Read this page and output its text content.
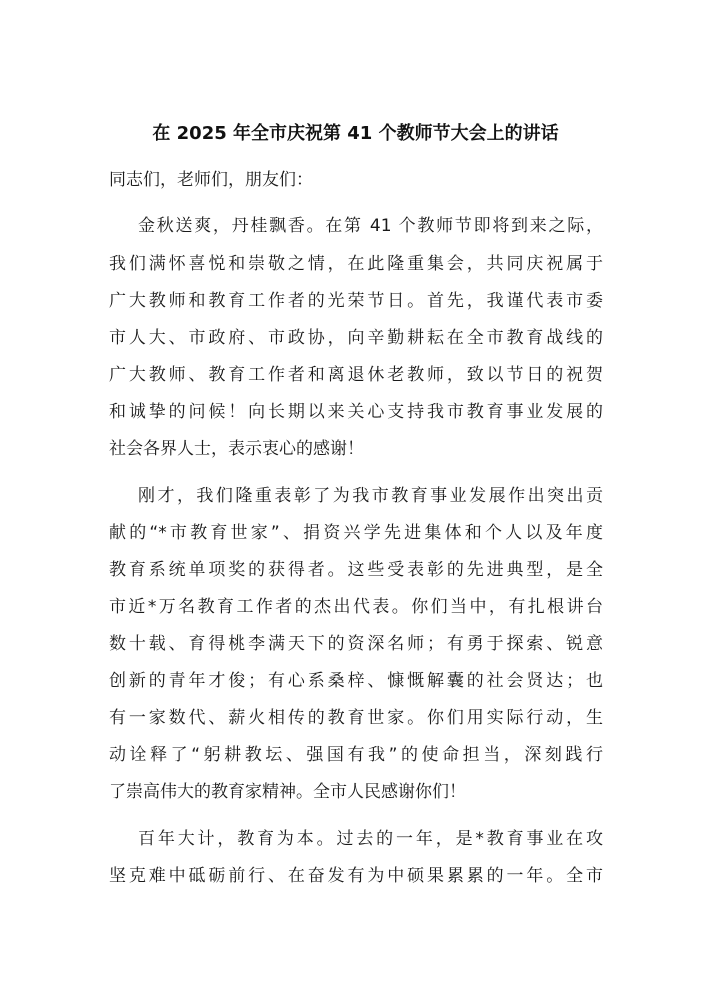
在 2025 年全市庆祝第 41 个教师节大会上的讲话
同志们，老师们，朋友们：
金秋送爽，丹桂飘香。在第 41 个教师节即将到来之际，
我们满怀喜悦和崇敬之情，在此隆重集会，共同庆祝属于
广大教师和教育工作者的光荣节日。首先，我谨代表市委
市人大、市政府、市政协，向辛勤耕耘在全市教育战线的
广大教师、教育工作者和离退休老教师，致以节日的祝贺
和诚挚的问候！向长期以来关心支持我市教育事业发展的
社会各界人士，表示衷心的感谢！
刚才，我们隆重表彰了为我市教育事业发展作出突出贡
献的“*市教育世家”、捐资兴学先进集体和个人以及年度
教育系统单项奖的获得者。这些受表彰的先进典型，是全
市近*万名教育工作者的杰出代表。你们当中，有扎根讲台
数十载、育得桃李满天下的资深名师；有勇于探索、锐意
创新的青年才俊；有心系桑梓、慷慨解囊的社会贤达；也
有一家数代、薪火相传的教育世家。你们用实际行动，生
动诠释了“躬耕教坛、强国有我”的使命担当，深刻践行
了崇高伟大的教育家精神。全市人民感谢你们！
百年大计，教育为本。过去的一年，是*教育事业在攻
坚克难中砥砺前行、在奋发有为中硕果累累的一年。全市
